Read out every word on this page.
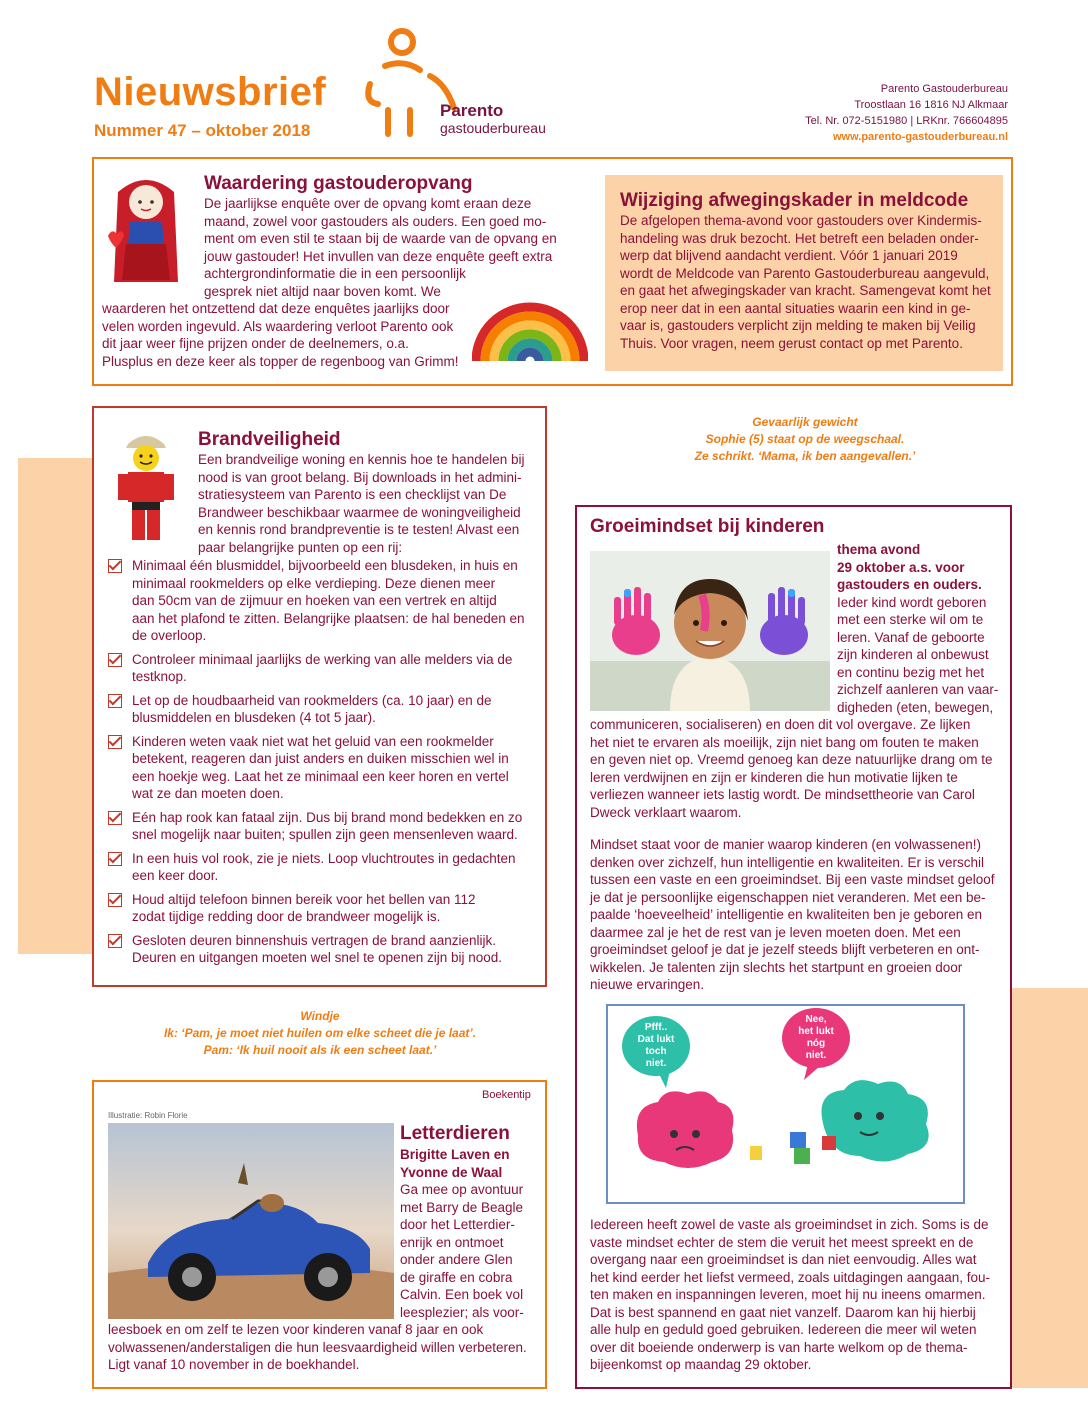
Nieuwsbrief
Nummer 47 – oktober 2018
Parento
gastouderbureau
Parento Gastouderbureau
Troostlaan 16 1816 NJ Alkmaar
Tel. Nr. 072-5151980 | LRKnr. 766604895
www.parento-gastouderbureau.nl
Waardering gastouderopvang
De jaarlijkse enquête over de opvang komt eraan deze
maand, zowel voor gastouders als ouders. Een goed mo-
ment om even stil te staan bij de waarde van de opvang en
jouw gastouder! Het invullen van deze enquête geeft extra
achtergrondinformatie die in een persoonlijk
gesprek niet altijd naar boven komt. We
waarderen het ontzettend dat deze enquêtes jaarlijks door
velen worden ingevuld. Als waardering verloot Parento ook
dit jaar weer fijne prijzen onder de deelnemers, o.a.
Plusplus en deze keer als topper de regenboog van Grimm!
Wijziging afwegingskader in meldcode
De afgelopen thema-avond voor gastouders over Kindermis-
handeling was druk bezocht. Het betreft een beladen onder-
werp dat blijvend aandacht verdient. Vóór 1 januari 2019
wordt de Meldcode van Parento Gastouderbureau aangevuld,
en gaat het afwegingskader van kracht. Samengevat komt het
erop neer dat in een aantal situaties waarin een kind in ge-
vaar is, gastouders verplicht zijn melding te maken bij Veilig
Thuis. Voor vragen, neem gerust contact op met Parento.
Brandveiligheid
Een brandveilige woning en kennis hoe te handelen bij
nood is van groot belang. Bij downloads in het admini-
stratiesysteem van Parento is een checklijst van De
Brandweer beschikbaar waarmee de woningveiligheid
en kennis rond brandpreventie is te testen! Alvast een
paar belangrijke punten op een rij:
Minimaal één blusmiddel, bijvoorbeeld een blusdeken, in huis en
minimaal rookmelders op elke verdieping. Deze dienen meer
dan 50cm van de zijmuur en hoeken van een vertrek en altijd
aan het plafond te zitten. Belangrijke plaatsen: de hal beneden en
de overloop.
Controleer minimaal jaarlijks de werking van alle melders via de
testknop.
Let op de houdbaarheid van rookmelders (ca. 10 jaar) en de
blusmiddelen en blusdeken (4 tot 5 jaar).
Kinderen weten vaak niet wat het geluid van een rookmelder
betekent, reageren dan juist anders en duiken misschien wel in
een hoekje weg. Laat het ze minimaal een keer horen en vertel
wat ze dan moeten doen.
Eén hap rook kan fataal zijn. Dus bij brand mond bedekken en zo
snel mogelijk naar buiten; spullen zijn geen mensenleven waard.
In een huis vol rook, zie je niets. Loop vluchtroutes in gedachten
een keer door.
Houd altijd telefoon binnen bereik voor het bellen van 112
zodat tijdige redding door de brandweer mogelijk is.
Gesloten deuren binnenshuis vertragen de brand aanzienlijk.
Deuren en uitgangen moeten wel snel te openen zijn bij nood.
Gevaarlijk gewicht
Sophie (5) staat op de weegschaal.
Ze schrikt. ‘Mama, ik ben aangevallen.’
Windje
Ik: ‘Pam, je moet niet huilen om elke scheet die je laat’.
Pam: ‘Ik huil nooit als ik een scheet laat.’
Groeimindset bij kinderen
thema avond
29 oktober a.s. voor
gastouders en ouders.
Ieder kind wordt geboren
met een sterke wil om te
leren. Vanaf de geboorte
zijn kinderen al onbewust
en continu bezig met het
zichzelf aanleren van vaar-
digheden (eten, bewegen,
communiceren, socialiseren) en doen dit vol overgave. Ze lijken
het niet te ervaren als moeilijk, zijn niet bang om fouten te maken
en geven niet op. Vreemd genoeg kan deze natuurlijke drang om te
leren verdwijnen en zijn er kinderen die hun motivatie lijken te
verliezen wanneer iets lastig wordt. De mindsettheorie van Carol
Dweck verklaart waarom.
Mindset staat voor de manier waarop kinderen (en volwassenen!)
denken over zichzelf, hun intelligentie en kwaliteiten. Er is verschil
tussen een vaste en een groeimindset. Bij een vaste mindset geloof
je dat je persoonlijke eigenschappen niet veranderen. Met een be-
paalde ‘hoeveelheid’ intelligentie en kwaliteiten ben je geboren en
daarmee zal je het de rest van je leven moeten doen. Met een
groeimindset geloof je dat je jezelf steeds blijft verbeteren en ont-
wikkelen. Je talenten zijn slechts het startpunt en groeien door
nieuwe ervaringen.
Pfff..
Dat lukt
toch
niet.
Nee,
het lukt
nóg
niet.
Iedereen heeft zowel de vaste als groeimindset in zich. Soms is de
vaste mindset echter de stem die veruit het meest spreekt en de
overgang naar een groeimindset is dan niet eenvoudig. Alles wat
het kind eerder het liefst vermeed, zoals uitdagingen aangaan, fou-
ten maken en inspanningen leveren, moet hij nu ineens omarmen.
Dat is best spannend en gaat niet vanzelf. Daarom kan hij hierbij
alle hulp en geduld goed gebruiken. Iedereen die meer wil weten
over dit boeiende onderwerp is van harte welkom op de thema-
bijeenkomst op maandag 29 oktober.
Boekentip
Illustratie: Robin Florie
Letterdieren
Brigitte Laven en
Yvonne de Waal
Ga mee op avontuur
met Barry de Beagle
door het Letterdier-
enrijk en ontmoet
onder andere Glen
de giraffe en cobra
Calvin. Een boek vol
leesplezier; als voor-
leesboek en om zelf te lezen voor kinderen vanaf 8 jaar en ook
volwassenen/anderstaligen die hun leesvaardigheid willen verbeteren.
Ligt vanaf 10 november in de boekhandel.
